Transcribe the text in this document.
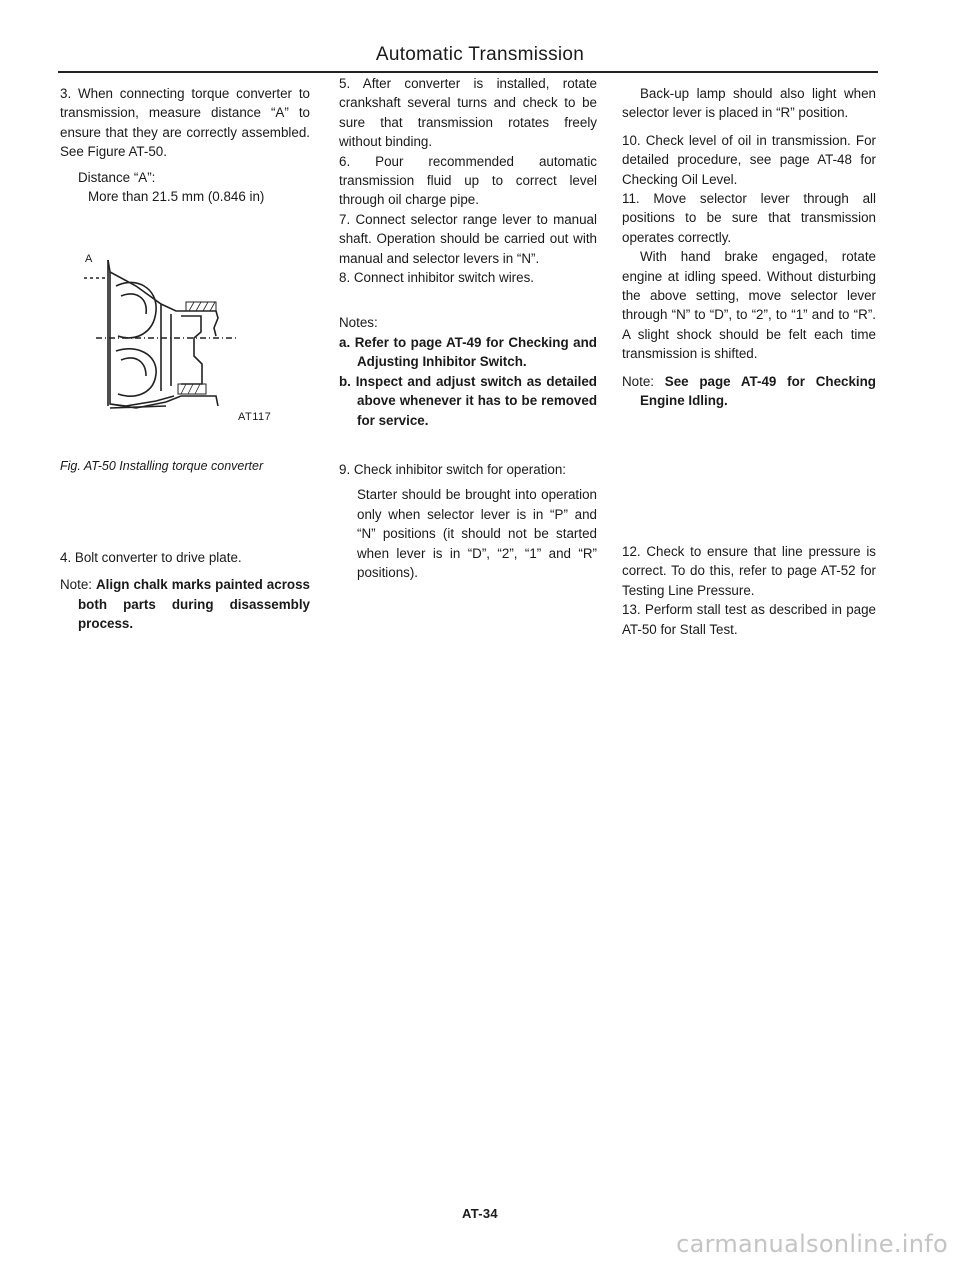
Automatic Transmission

3. When connecting torque converter to transmission, measure distance “A” to ensure that they are correctly assembled. See Figure AT-50.

Distance “A”:

More than 21.5 mm (0.846 in)

A
AT117
Fig. AT-50 Installing torque converter

4. Bolt converter to drive plate.

Note: Align chalk marks painted across both parts during disassembly process.

5. After converter is installed, rotate crankshaft several turns and check to be sure that transmission rotates freely without binding.

6. Pour recommended automatic transmission fluid up to correct level through oil charge pipe.

7. Connect selector range lever to manual shaft. Operation should be carried out with manual and selector levers in “N”.

8. Connect inhibitor switch wires.

Notes:

a. Refer to page AT-49 for Checking and Adjusting Inhibitor Switch.

b. Inspect and adjust switch as detailed above whenever it has to be removed for service.

9. Check inhibitor switch for operation:

Starter should be brought into operation only when selector lever is in “P” and “N” positions (it should not be started when lever is in “D”, “2”, “1” and “R” positions).

Back-up lamp should also light when selector lever is placed in “R” position.

10. Check level of oil in transmission. For detailed procedure, see page AT-48 for Checking Oil Level.

11. Move selector lever through all positions to be sure that transmission operates correctly.

With hand brake engaged, rotate engine at idling speed. Without disturbing the above setting, move selector lever through “N” to “D”, to “2”, to “1” and to “R”. A slight shock should be felt each time transmission is shifted.

Note: See page AT-49 for Checking Engine Idling.

12. Check to ensure that line pressure is correct. To do this, refer to page AT-52 for Testing Line Pressure.

13. Perform stall test as described in page AT-50 for Stall Test.

AT-34
carmanualsonline.info
